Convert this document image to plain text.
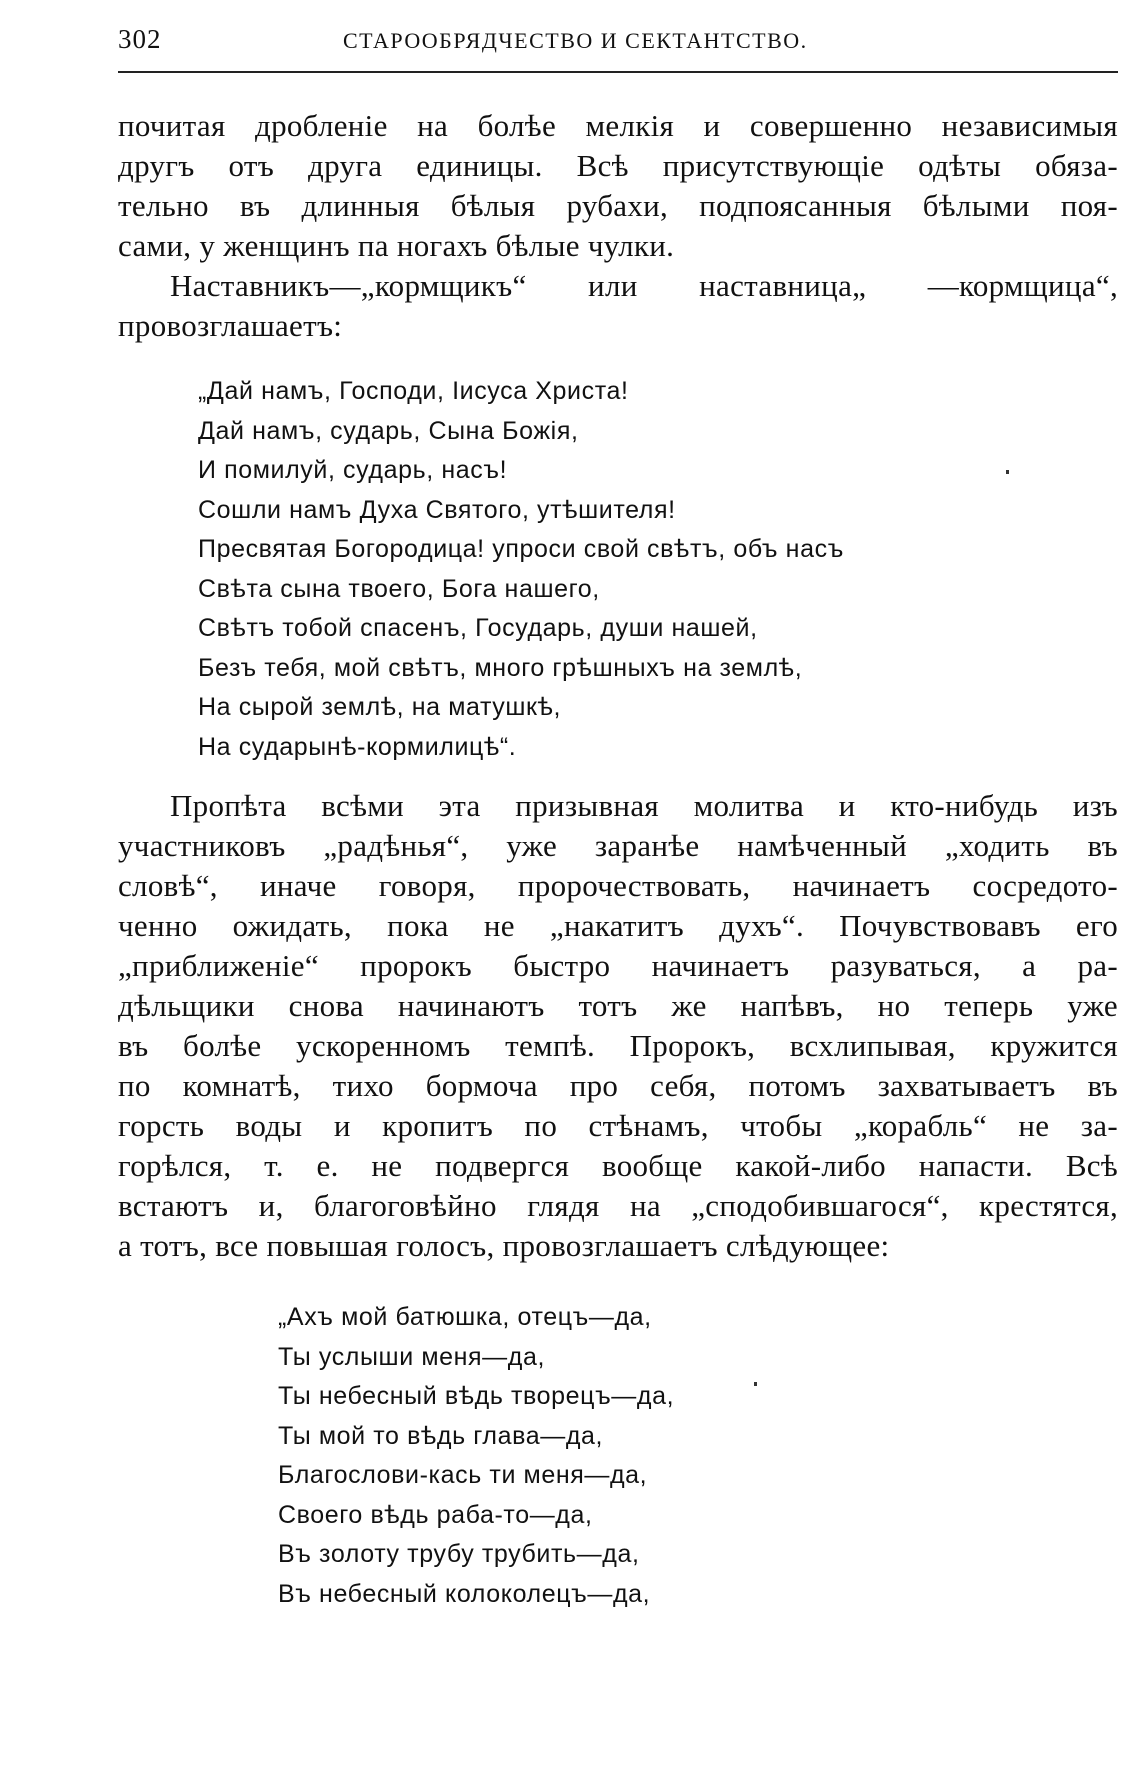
302	СТАРООБРЯДЧЕСТВО И СЕКТАНТСТВО.
почитая дробленіе на болѣе мелкія и совершенно независимыя
другъ отъ друга единицы. Всѣ присутствующіе одѣты обяза-
тельно въ длинныя бѣлыя рубахи, подпоясанныя бѣлыми поя-
сами, у женщинъ па ногахъ бѣлые чулки.
Наставникъ—„кормщикъ“ или наставница„ —кормщица“,
провозглашаетъ:
„Дай намъ, Господи, Іисуса Христа!
Дай намъ, сударь, Сына Божія,
И помилуй, сударь, насъ!
Сошли намъ Духа Святого, утѣшителя!
Пресвятая Богородица! упроси свой свѣтъ, объ насъ
Свѣта сына твоего, Бога нашего,
Свѣтъ тобой спасенъ, Государь, души нашей,
Безъ тебя, мой свѣтъ, много грѣшныхъ на землѣ,
На сырой землѣ, на матушкѣ,
На сударынѣ-кормилицѣ“.
Пропѣта всѣми эта призывная молитва и кто-нибудь изъ
участниковъ „радѣнья“, уже заранѣе намѣченный „ходить въ
словѣ“, иначе говоря, пророчествовать, начинаетъ сосредото-
ченно ожидать, пока не „накатитъ духъ“. Почувствовавъ его
„приближеніе“ пророкъ быстро начинаетъ разуваться, а ра-
дѣльщики снова начинаютъ тотъ же напѣвъ, но теперь уже
въ болѣе ускоренномъ темпѣ. Пророкъ, всхлипывая, кружится
по комнатѣ, тихо бормоча про себя, потомъ захватываетъ въ
горсть воды и кропитъ по стѣнамъ, чтобы „корабль“ не за-
горѣлся, т. е. не подвергся вообще какой-либо напасти. Всѣ
встаютъ и, благоговѣйно глядя на „сподобившагося“, крестятся,
а тотъ, все повышая голосъ, провозглашаетъ слѣдующее:
„Ахъ мой батюшка, отецъ—да,
Ты услыши меня—да,
Ты небесный вѣдь творецъ—да,
Ты мой то вѣдь глава—да,
Благослови-кась ти меня—да,
Своего вѣдь раба-то—да,
Въ золоту трубу трубить—да,
Въ небесный колоколецъ—да,
